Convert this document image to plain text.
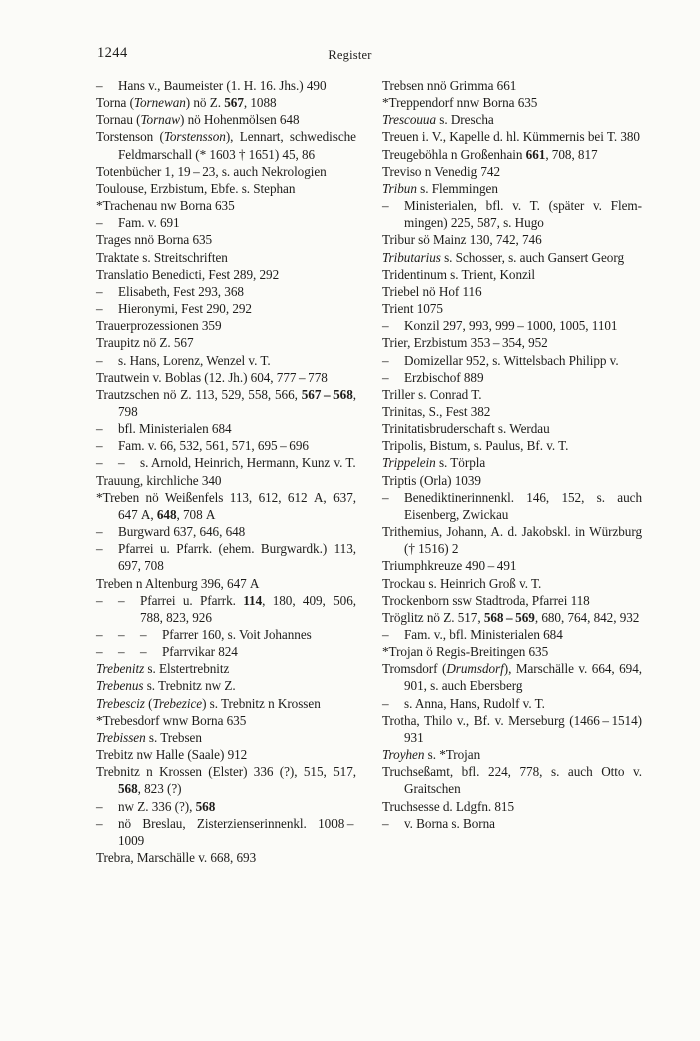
1244	Register

– Hans v., Baumeister (1. H. 16. Jhs.) 490

Torna (Tornewan) nö Z. 567, 1088

Tornau (Tornaw) nö Hohenmölsen 648

Torstenson (Torstensson), Lennart, schwedische Feldmarschall (* 1603 † 1651) 45, 86

Totenbücher 1, 19 – 23, s. auch Nekrologien

Toulouse, Erzbistum, Ebfe. s. Stephan

*Trachenau nw Borna 635

– Fam. v. 691

Trages nnö Borna 635

Traktate s. Streitschriften

Translatio Benedicti, Fest 289, 292

– Elisabeth, Fest 293, 368

– Hieronymi, Fest 290, 292

Trauerprozessionen 359

Traupitz nö Z. 567

– s. Hans, Lorenz, Wenzel v. T.

Trautwein v. Boblas (12. Jh.) 604, 777 – 778

Trautzschen nö Z. 113, 529, 558, 566, 567 – 568, 798

– bfl. Ministerialen 684

– Fam. v. 66, 532, 561, 571, 695 – 696

– – s. Arnold, Heinrich, Hermann, Kunz v. T.

Trauung, kirchliche 340

*Treben nö Weißenfels 113, 612, 612 A, 637, 647 A, 648, 708 A

– Burgward 637, 646, 648

– Pfarrei u. Pfarrk. (ehem. Burgwardk.) 113, 697, 708

Treben n Altenburg 396, 647 A

– – Pfarrei u. Pfarrk. 114, 180, 409, 506, 788, 823, 926

– – – Pfarrer 160, s. Voit Johannes

– – – Pfarrvikar 824

Trebenitz s. Elstertrebnitz

Trebenus s. Trebnitz nw Z.

Trebesciz (Trebezice) s. Trebnitz n Krossen

*Trebesdorf wnw Borna 635

Trebissen s. Trebsen

Trebitz nw Halle (Saale) 912

Trebnitz n Krossen (Elster) 336 (?), 515, 517, 568, 823 (?)

– nw Z. 336 (?), 568

– nö Breslau, Zisterzienserinnenkl. 1008 – 1009

Trebra, Marschälle v. 668, 693

Trebsen nnö Grimma 661

*Treppendorf nnw Borna 635

Trescouua s. Drescha

Treuen i. V., Kapelle d. hl. Kümmernis bei T. 380

Treugeböhla n Großenhain 661, 708, 817

Treviso n Venedig 742

Tribun s. Flemmingen

– Ministerialen, bfl. v. T. (später v. Flemmingen) 225, 587, s. Hugo

Tribur sö Mainz 130, 742, 746

Tributarius s. Schosser, s. auch Gansert Georg

Tridentinum s. Trient, Konzil

Triebel nö Hof 116

Trient 1075

– Konzil 297, 993, 999 – 1000, 1005, 1101

Trier, Erzbistum 353 – 354, 952

– Domizellar 952, s. Wittelsbach Philipp v.

– Erzbischof 889

Triller s. Conrad T.

Trinitas, S., Fest 382

Trinitatisbruderschaft s. Werdau

Tripolis, Bistum, s. Paulus, Bf. v. T.

Trippelein s. Törpla

Triptis (Orla) 1039

– Benediktinerinnenkl. 146, 152, s. auch Eisenberg, Zwickau

Trithemius, Johann, A. d. Jakobskl. in Würzburg († 1516) 2

Triumphkreuze 490 – 491

Trockau s. Heinrich Groß v. T.

Trockenborn ssw Stadtroda, Pfarrei 118

Tröglitz nö Z. 517, 568 – 569, 680, 764, 842, 932

– Fam. v., bfl. Ministerialen 684

*Trojan ö Regis-Breitingen 635

Tromsdorf (Drumsdorf), Marschälle v. 664, 694, 901, s. auch Ebersberg

– s. Anna, Hans, Rudolf v. T.

Trotha, Thilo v., Bf. v. Merseburg (1466 – 1514) 931

Troyhen s. *Trojan

Truchseßamt, bfl. 224, 778, s. auch Otto v. Graitschen

Truchsesse d. Ldgfn. 815

– v. Borna s. Borna
